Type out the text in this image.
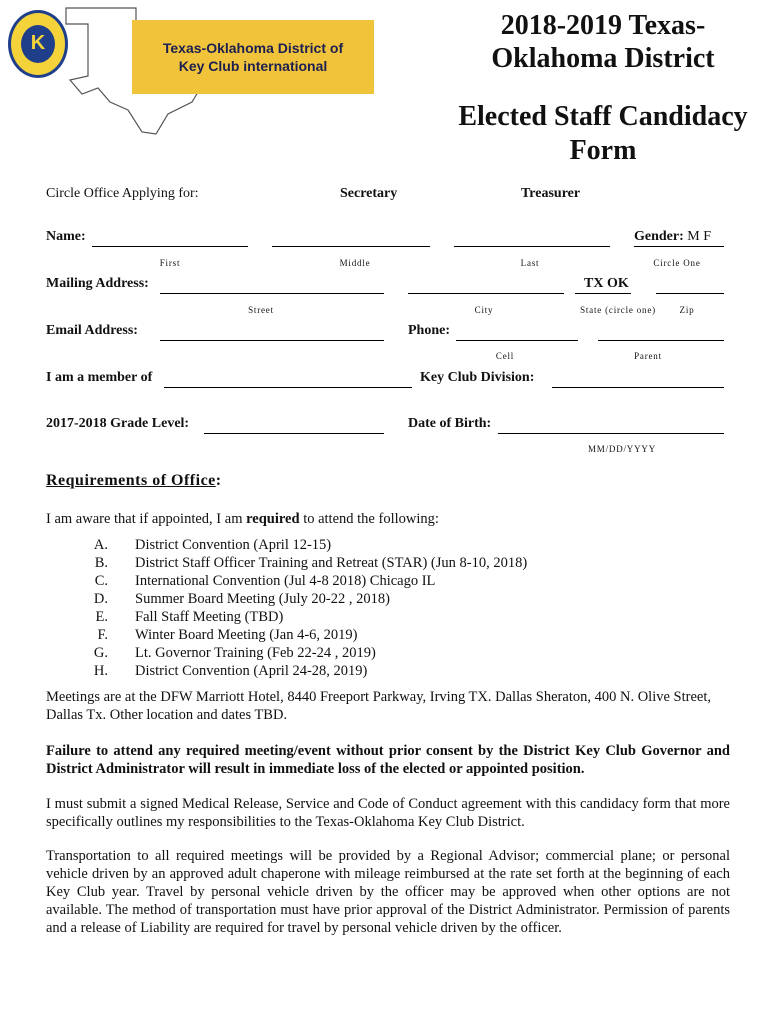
K	Texas-Oklahoma District of
Key Club international
2018-2019 Texas-
Oklahoma District
Elected Staff Candidacy
Form
Circle Office Applying for:	Secretary	Treasurer
Name:	Gender: M F
First	Middle	Last	Circle One
Mailing Address:	TX OK
Street	City	State (circle one)	Zip
Email Address:	Phone:
Cell	Parent
I am a member of	Key Club Division:
2017-2018 Grade Level:	Date of Birth:
MM/DD/YYYY
Requirements of Office:
I am aware that if appointed, I am required to attend the following:
A. District Convention (April 12-15)
B. District Staff Officer Training and Retreat (STAR) (Jun 8-10, 2018)
C. International Convention (Jul 4-8 2018) Chicago IL
D. Summer Board Meeting (July 20-22 , 2018)
E. Fall Staff Meeting (TBD)
F. Winter Board Meeting (Jan 4-6, 2019)
G. Lt. Governor Training (Feb 22-24 , 2019)
H. District Convention (April 24-28, 2019)
Meetings are at the DFW Marriott Hotel, 8440 Freeport Parkway, Irving TX. Dallas Sheraton, 400 N. Olive Street, Dallas Tx. Other location and dates TBD.
Failure to attend any required meeting/event without prior consent by the District Key Club Governor and District Administrator will result in immediate loss of the elected or appointed position.
I must submit a signed Medical Release, Service and Code of Conduct agreement with this candidacy form that more specifically outlines my responsibilities to the Texas-Oklahoma Key Club District.
Transportation to all required meetings will be provided by a Regional Advisor; commercial plane; or personal vehicle driven by an approved adult chaperone with mileage reimbursed at the rate set forth at the beginning of each Key Club year. Travel by personal vehicle driven by the officer may be approved when other options are not available. The method of transportation must have prior approval of the District Administrator. Permission of parents and a release of Liability are required for travel by personal vehicle driven by the officer.
